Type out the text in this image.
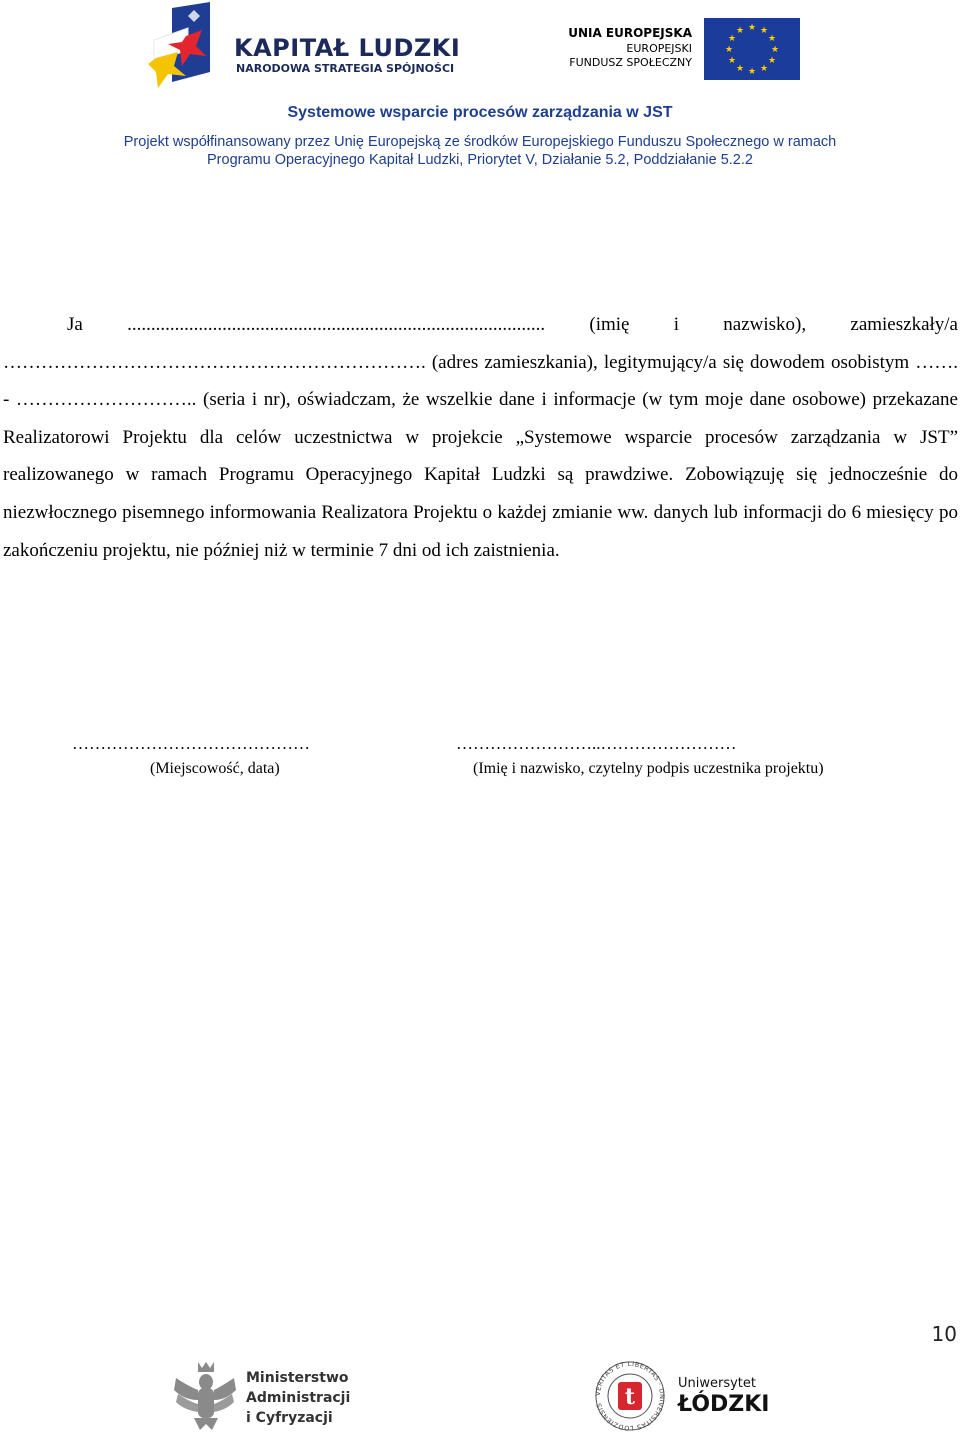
KAPITAŁ LUDZKI
NARODOWA STRATEGIA SPÓJNOŚCI
UNIA EUROPEJSKA
EUROPEJSKI
FUNDUSZ SPOŁECZNY
★ ★
★
★
★
★
★
★
★
★
★
★
Systemowe wsparcie procesów zarządzania w JST
Projekt współfinansowany przez Unię Europejską ze środków Europejskiego Funduszu Społecznego w ramach
Programu Operacyjnego Kapitał Ludzki, Priorytet V, Działanie 5.2, Poddziałanie 5.2.2

Ja ........................................................................................ (imię i nazwisko), zamieszkały/a …………………………………………………………. (adres zamieszkania), legitymujący/a się dowodem osobistym ……. - ……………………….. (seria i nr), oświadczam, że wszelkie dane i informacje (w tym moje dane osobowe) przekazane Realizatorowi Projektu dla celów uczestnictwa w projekcie „Systemowe wsparcie procesów zarządzania w JST” realizowanego w ramach Programu Operacyjnego Kapitał Ludzki są prawdziwe. Zobowiązuję się jednocześnie do niezwłocznego pisemnego informowania Realizatora Projektu o każdej zmianie ww. danych lub informacji do 6 miesięcy po zakończeniu projektu, nie później niż w terminie 7 dni od ich zaistnienia.

……………………………………
(Miejscowość, data)
……………………..……………………
(Imię i nazwisko, czytelny podpis uczestnika projektu)
10
Ministerstwo
Administracji
i Cyfryzacji
VERITAS ET LIBERTAS · UNIVERSITAS LODZIENSIS t
Uniwersytet
ŁÓDZKI
